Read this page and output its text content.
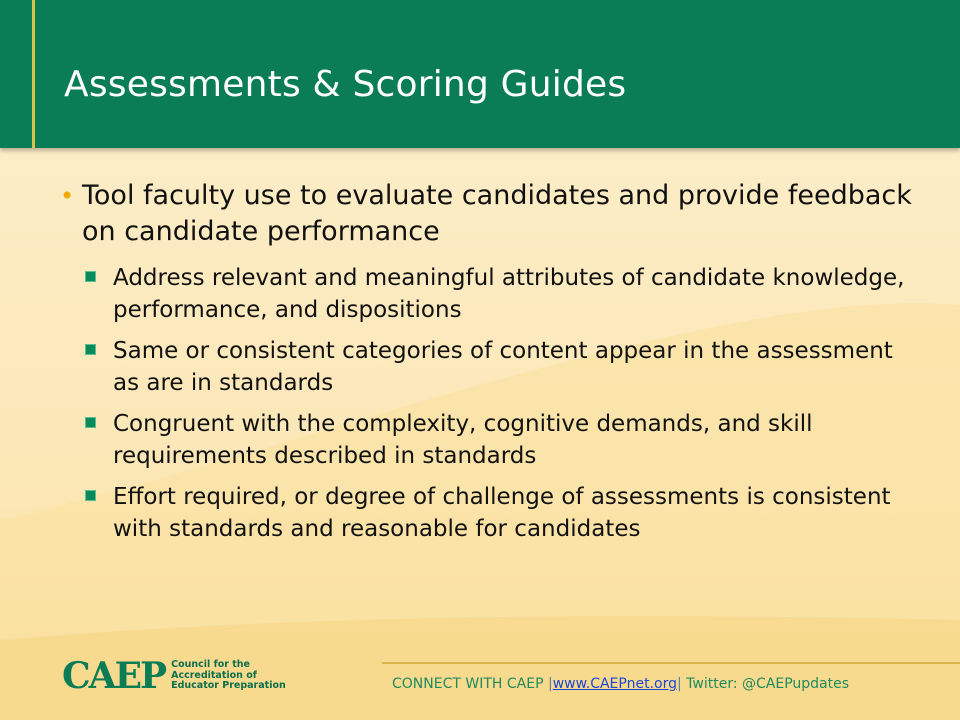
Assessments & Scoring Guides
• Tool faculty use to evaluate candidates and provide feedback on candidate performance
Address relevant and meaningful attributes of candidate knowledge, performance, and dispositions
Same or consistent categories of content appear in the assessment as are in standards
Congruent with the complexity, cognitive demands, and skill requirements described in standards
Effort required, or degree of challenge of assessments is consistent with standards and reasonable for candidates
CAEP Council for the
Accreditation of
Educator Preparation	CONNECT WITH CAEP |www.CAEPnet.org| Twitter: @CAEPupdates
